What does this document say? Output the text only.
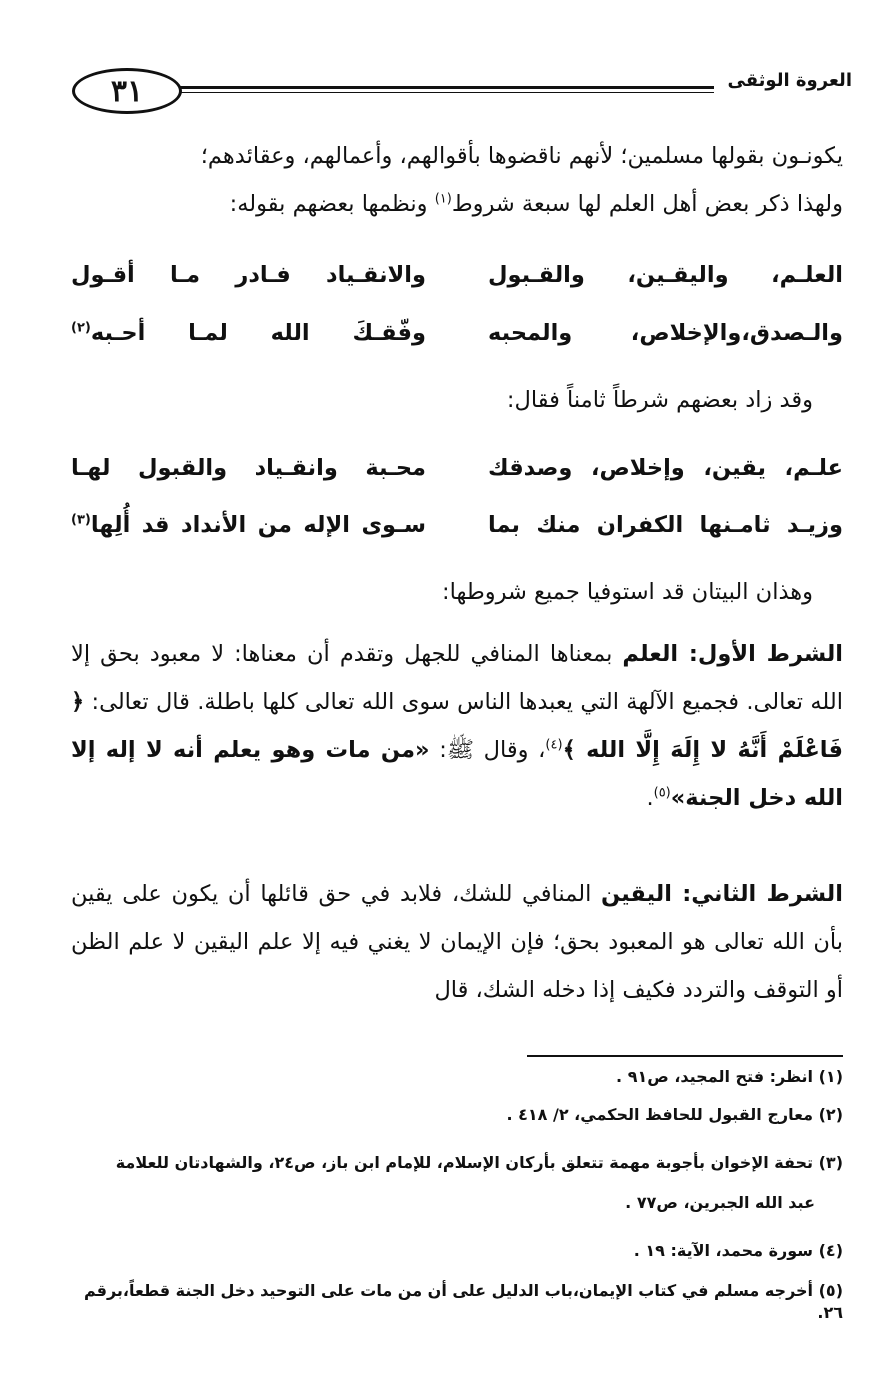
٣١	العروة الوثقى
يكونـون بقولها مسلمين؛ لأنهم ناقضوها بأقوالهم، وأعمالهم، وعقائدهم؛
ولهذا ذكر بعض أهل العلم لها سبعة شروط$^{(١)}$ ونظمها بعضهم بقوله:
العلـم، واليقـين، والقـبول
والانقـياد فـادر مـا أقـول
والـصدق،والإخلاص، والمحبه
وفّقـكَ الله لمـا أحـبه$^{(٢)}$
وقد زاد بعضهم شرطاً ثامناً فقال:
علـم، يقين، وإخلاص، وصدقك
محـبة وانقـياد والقبول لهـا
وزيـد ثامـنها الكفران منك بما
سـوى الإله من الأنداد قد أُلِها$^{(٣)}$
وهذان البيتان قد استوفيا جميع شروطها:
الشرط الأول: العلم بمعناها المنافي للجهل وتقدم أن معناها: لا معبود بحق إلا الله تعالى. فجميع الآلهة التي يعبدها الناس سوى الله تعالى كلها باطلة. قال تعالى: ﴿ فَاعْلَمْ أَنَّهُ لا إِلَهَ إِلَّا الله ﴾$^{(٤)}$، وقال ﷺ: «من مات وهو يعلم أنه لا إله إلا الله دخل الجنة»$^{(٥)}$.
الشرط الثاني: اليقين المنافي للشك، فلابد في حق قائلها أن يكون على يقين بأن الله تعالى هو المعبود بحق؛ فإن الإيمان لا يغني فيه إلا علم اليقين لا علم الظن أو التوقف والتردد فكيف إذا دخله الشك، قال
(١) انظر: فتح المجيد، ص٩١ .
(٢) معارج القبول للحافظ الحكمي، ٢/ ٤١٨ .
(٣) تحفة الإخوان بأجوبة مهمة تتعلق بأركان الإسلام، للإمام ابن باز، ص٢٤، والشهادتان للعلامة
عبد الله الجبرين، ص٧٧ .
(٤) سورة محمد، الآية: ١٩ .
(٥) أخرجه مسلم في كتاب الإيمان،باب الدليل على أن من مات على التوحيد دخل الجنة قطعاً،برقم ٢٦.
